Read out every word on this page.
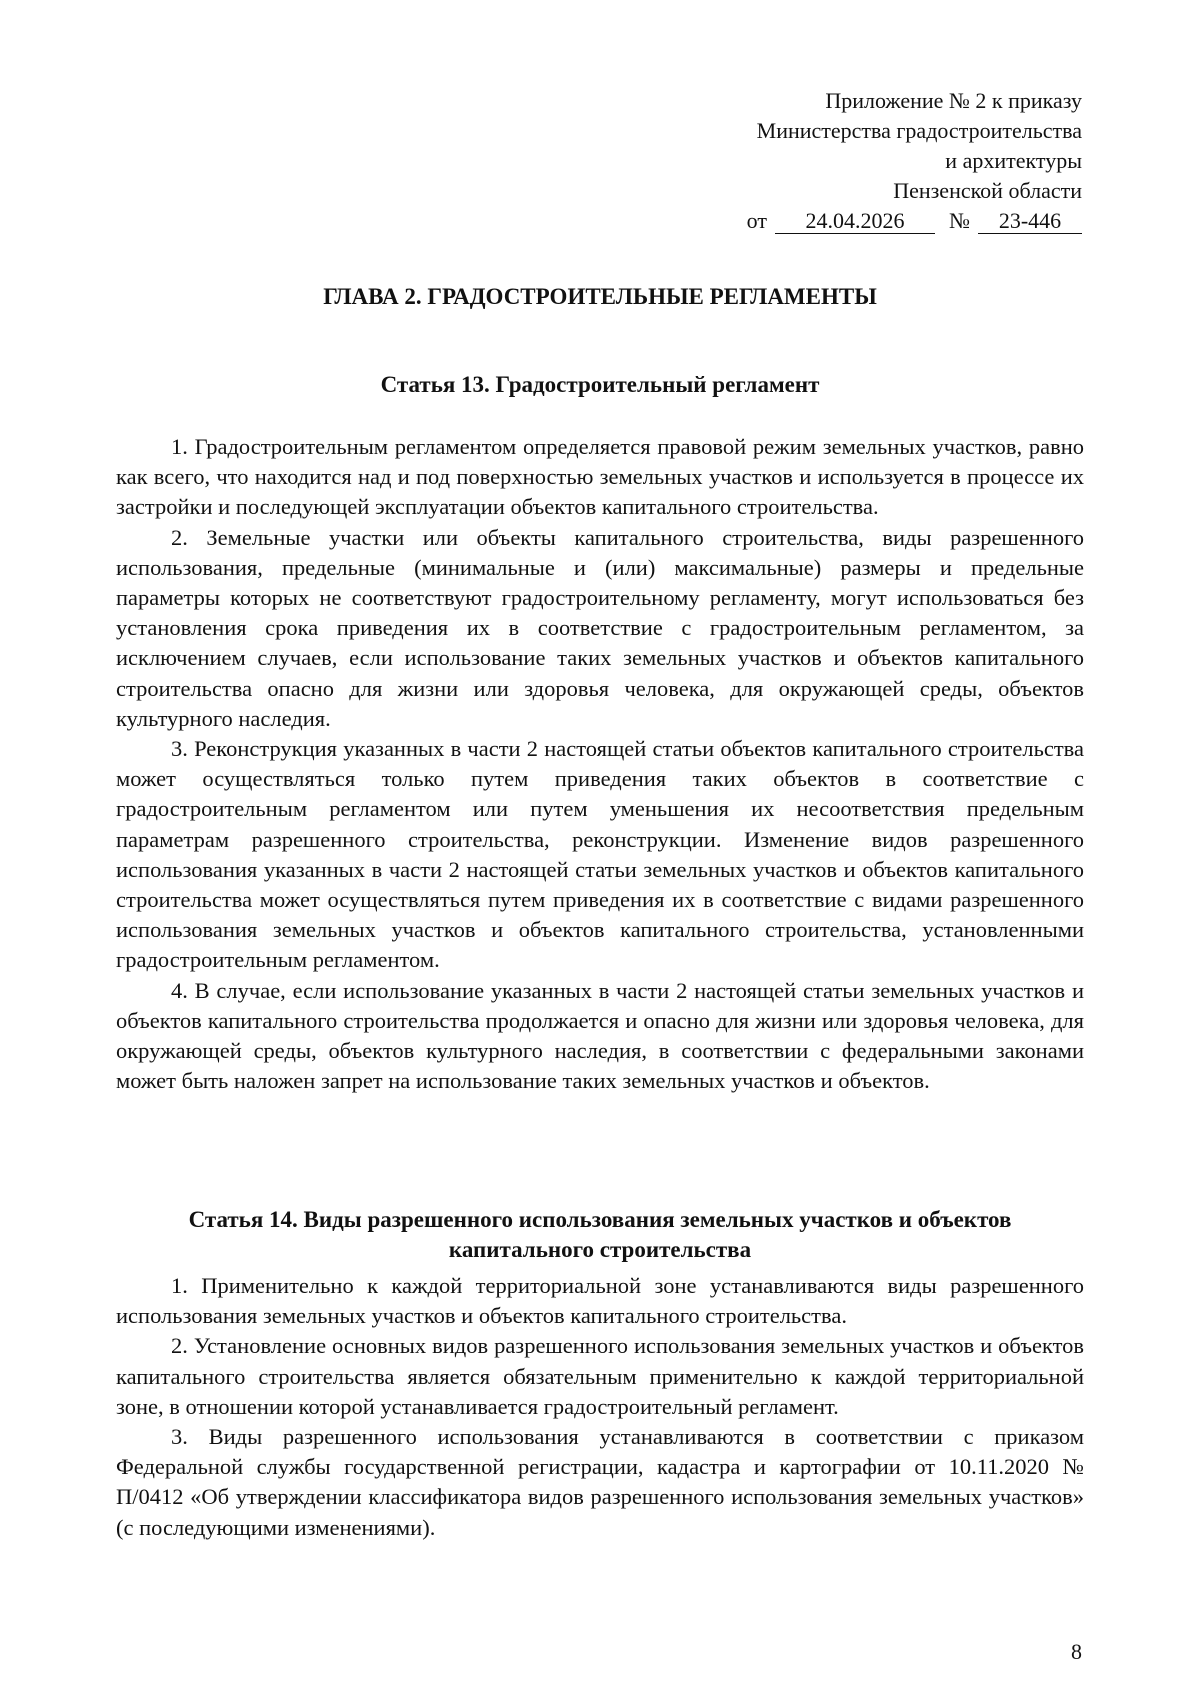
Приложение № 2 к приказу
Министерства градостроительства
и архитектуры
Пензенской области
от 24.04.2026 № 23-446
ГЛАВА 2. ГРАДОСТРОИТЕЛЬНЫЕ РЕГЛАМЕНТЫ
Статья 13. Градостроительный регламент

1. Градостроительным регламентом определяется правовой режим земельных участков, равно как всего, что находится над и под поверхностью земельных участков и используется в процессе их застройки и последующей эксплуатации объектов капитального строительства.

2. Земельные участки или объекты капитального строительства, виды разрешенного использования, предельные (минимальные и (или) максимальные) размеры и предельные параметры которых не соответствуют градостроительному регламенту, могут использоваться без установления срока приведения их в соответствие с градостроительным регламентом, за исключением случаев, если использование таких земельных участков и объектов капитального строительства опасно для жизни или здоровья человека, для окружающей среды, объектов культурного наследия.

3. Реконструкция указанных в части 2 настоящей статьи объектов капитального строительства может осуществляться только путем приведения таких объектов в соответствие с градостроительным регламентом или путем уменьшения их несоответствия предельным параметрам разрешенного строительства, реконструкции. Изменение видов разрешенного использования указанных в части 2 настоящей статьи земельных участков и объектов капитального строительства может осуществляться путем приведения их в соответствие с видами разрешенного использования земельных участков и объектов капитального строительства, установленными градостроительным регламентом.

4. В случае, если использование указанных в части 2 настоящей статьи земельных участков и объектов капитального строительства продолжается и опасно для жизни или здоровья человека, для окружающей среды, объектов культурного наследия, в соответствии с федеральными законами может быть наложен запрет на использование таких земельных участков и объектов.

Статья 14. Виды разрешенного использования земельных участков и объектов капитального строительства

1. Применительно к каждой территориальной зоне устанавливаются виды разрешенного использования земельных участков и объектов капитального строительства.

2. Установление основных видов разрешенного использования земельных участков и объектов капитального строительства является обязательным применительно к каждой территориальной зоне, в отношении которой устанавливается градостроительный регламент.

3. Виды разрешенного использования устанавливаются в соответствии с приказом Федеральной службы государственной регистрации, кадастра и картографии от 10.11.2020 № П/0412 «Об утверждении классификатора видов разрешенного использования земельных участков» (с последующими изменениями).

8
